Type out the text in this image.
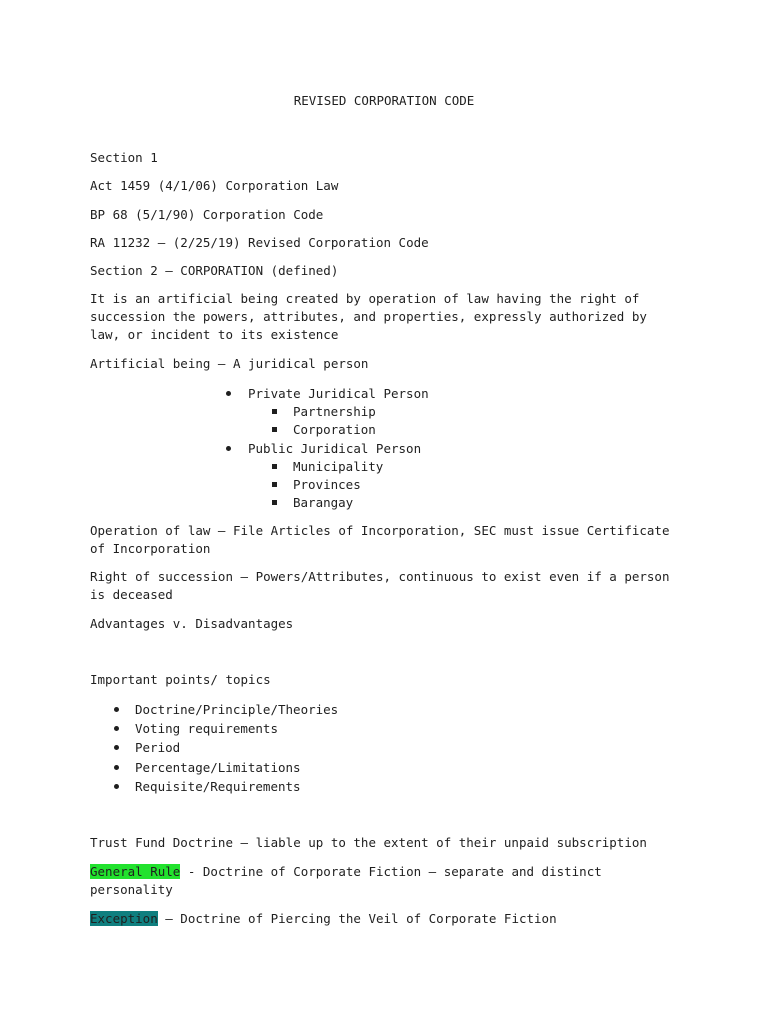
REVISED CORPORATION CODE
Section 1
Act 1459 (4/1/06) Corporation Law
BP 68 (5/1/90) Corporation Code
RA 11232 – (2/25/19) Revised Corporation Code
Section 2 – CORPORATION (defined)
It is an artificial being created by operation of law having the right of succession the powers, attributes, and properties, expressly authorized by law, or incident to its existence
Artificial being – A juridical person
Private Juridical Person
Partnership
Corporation
Public Juridical Person
Municipality
Provinces
Barangay
Operation of law – File Articles of Incorporation, SEC must issue Certificate of Incorporation
Right of succession – Powers/Attributes, continuous to exist even if a person is deceased
Advantages v. Disadvantages
Important points/ topics
Doctrine/Principle/Theories
Voting requirements
Period
Percentage/Limitations
Requisite/Requirements
Trust Fund Doctrine – liable up to the extent of their unpaid subscription
General Rule - Doctrine of Corporate Fiction – separate and distinct personality
Exception – Doctrine of Piercing the Veil of Corporate Fiction
